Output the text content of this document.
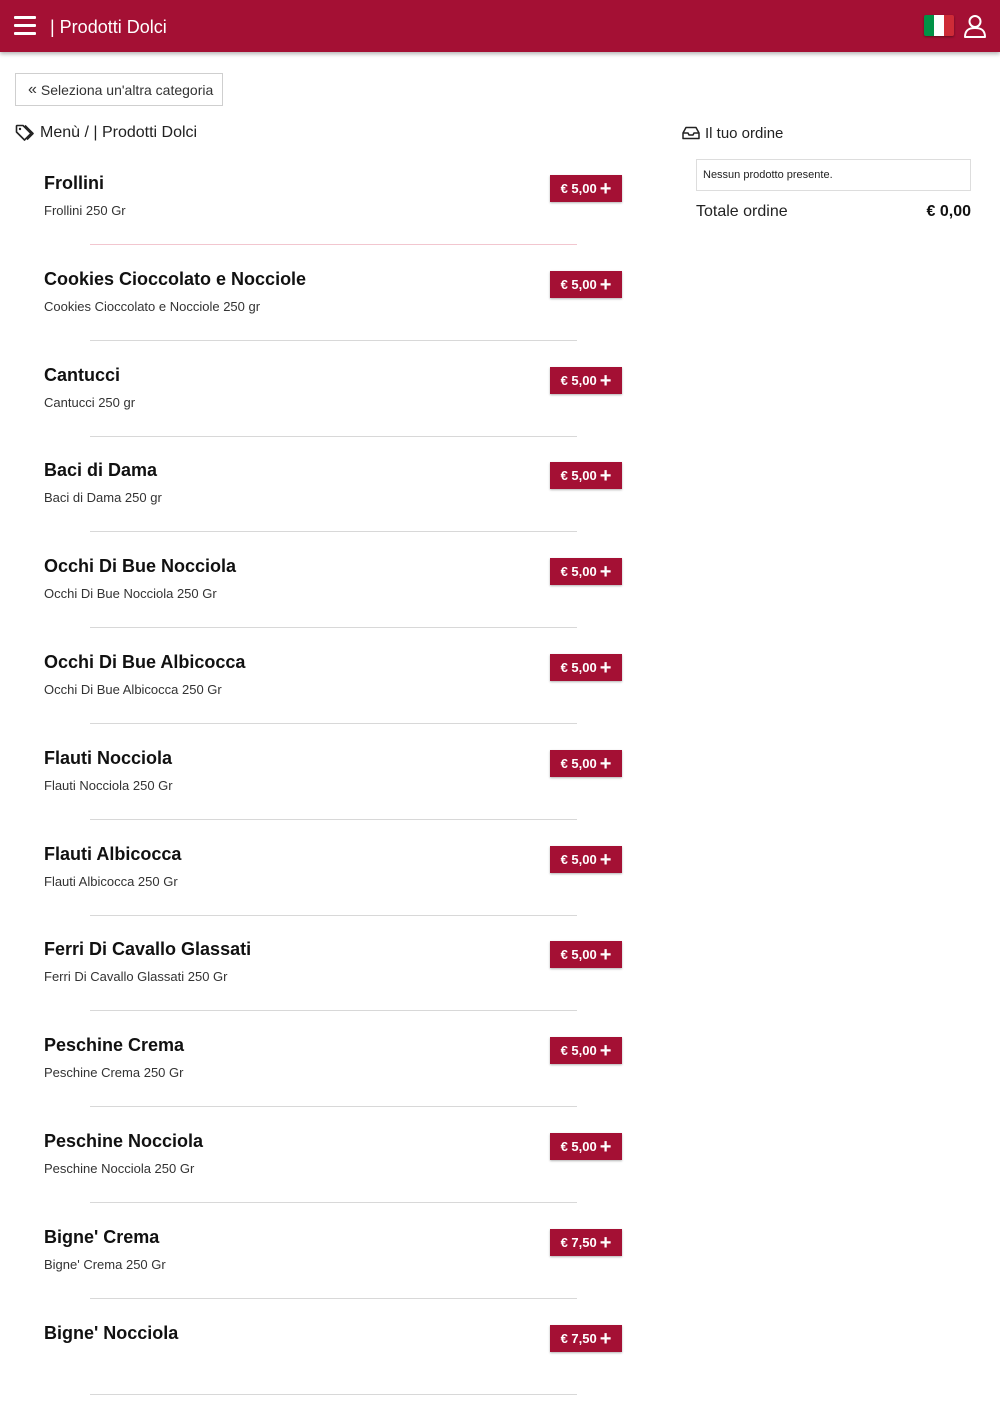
| Prodotti Dolci
« Seleziona un'altra categoria
Menù / | Prodotti Dolci
Frollini
Frollini 250 Gr
€ 5,00 +
Cookies Cioccolato e Nocciole
Cookies Cioccolato e Nocciole 250 gr
€ 5,00 +
Cantucci
Cantucci 250 gr
€ 5,00 +
Baci di Dama
Baci di Dama 250 gr
€ 5,00 +
Occhi Di Bue Nocciola
Occhi Di Bue Nocciola 250 Gr
€ 5,00 +
Occhi Di Bue Albicocca
Occhi Di Bue Albicocca 250 Gr
€ 5,00 +
Flauti Nocciola
Flauti Nocciola 250 Gr
€ 5,00 +
Flauti Albicocca
Flauti Albicocca 250 Gr
€ 5,00 +
Ferri Di Cavallo Glassati
Ferri Di Cavallo Glassati 250 Gr
€ 5,00 +
Peschine Crema
Peschine Crema 250 Gr
€ 5,00 +
Peschine Nocciola
Peschine Nocciola 250 Gr
€ 5,00 +
Bigne' Crema
Bigne' Crema 250 Gr
€ 7,50 +
Bigne' Nocciola	€ 7,50 +
Il tuo ordine
Nessun prodotto presente.
Totale ordine	€ 0,00
